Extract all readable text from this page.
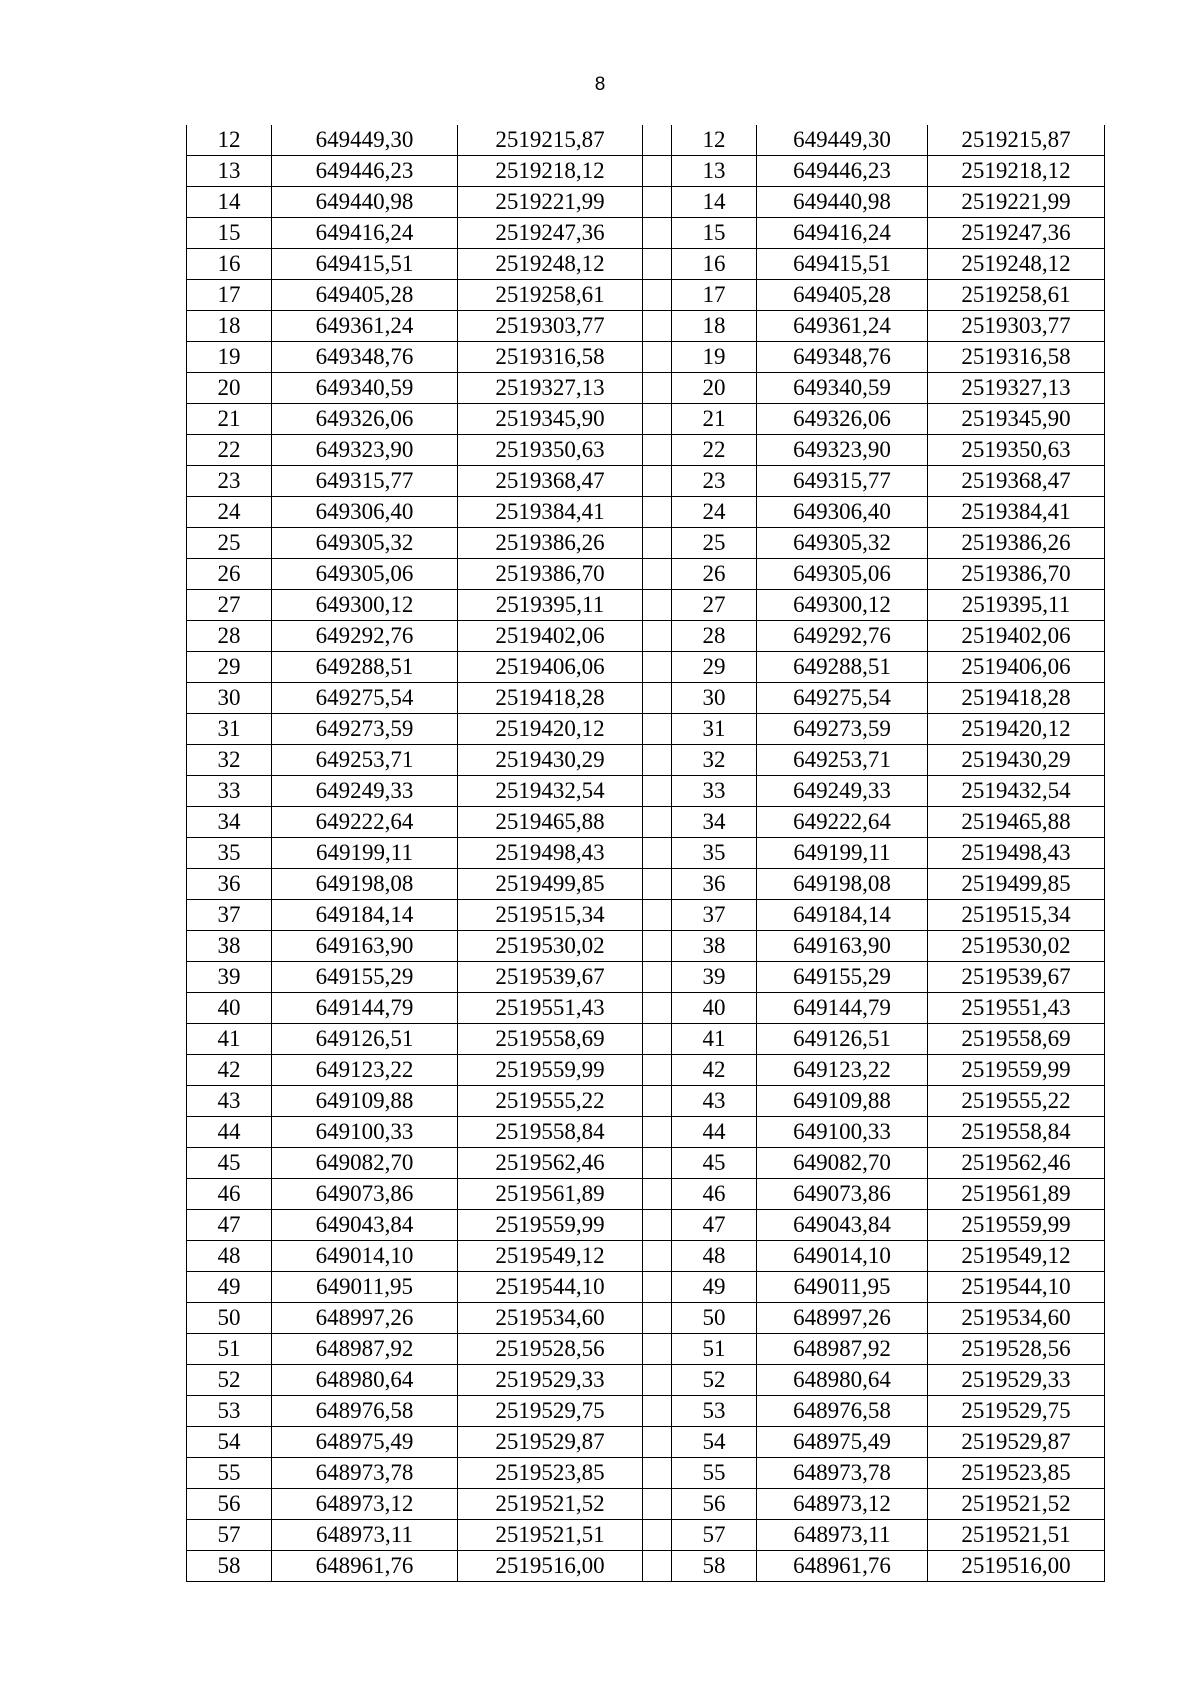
8
12	649449,30	2519215,87		12	649449,30	2519215,87
13	649446,23	2519218,12		13	649446,23	2519218,12
14	649440,98	2519221,99		14	649440,98	2519221,99
15	649416,24	2519247,36		15	649416,24	2519247,36
16	649415,51	2519248,12		16	649415,51	2519248,12
17	649405,28	2519258,61		17	649405,28	2519258,61
18	649361,24	2519303,77		18	649361,24	2519303,77
19	649348,76	2519316,58		19	649348,76	2519316,58
20	649340,59	2519327,13		20	649340,59	2519327,13
21	649326,06	2519345,90		21	649326,06	2519345,90
22	649323,90	2519350,63		22	649323,90	2519350,63
23	649315,77	2519368,47		23	649315,77	2519368,47
24	649306,40	2519384,41		24	649306,40	2519384,41
25	649305,32	2519386,26		25	649305,32	2519386,26
26	649305,06	2519386,70		26	649305,06	2519386,70
27	649300,12	2519395,11		27	649300,12	2519395,11
28	649292,76	2519402,06		28	649292,76	2519402,06
29	649288,51	2519406,06		29	649288,51	2519406,06
30	649275,54	2519418,28		30	649275,54	2519418,28
31	649273,59	2519420,12		31	649273,59	2519420,12
32	649253,71	2519430,29		32	649253,71	2519430,29
33	649249,33	2519432,54		33	649249,33	2519432,54
34	649222,64	2519465,88		34	649222,64	2519465,88
35	649199,11	2519498,43		35	649199,11	2519498,43
36	649198,08	2519499,85		36	649198,08	2519499,85
37	649184,14	2519515,34		37	649184,14	2519515,34
38	649163,90	2519530,02		38	649163,90	2519530,02
39	649155,29	2519539,67		39	649155,29	2519539,67
40	649144,79	2519551,43		40	649144,79	2519551,43
41	649126,51	2519558,69		41	649126,51	2519558,69
42	649123,22	2519559,99		42	649123,22	2519559,99
43	649109,88	2519555,22		43	649109,88	2519555,22
44	649100,33	2519558,84		44	649100,33	2519558,84
45	649082,70	2519562,46		45	649082,70	2519562,46
46	649073,86	2519561,89		46	649073,86	2519561,89
47	649043,84	2519559,99		47	649043,84	2519559,99
48	649014,10	2519549,12		48	649014,10	2519549,12
49	649011,95	2519544,10		49	649011,95	2519544,10
50	648997,26	2519534,60		50	648997,26	2519534,60
51	648987,92	2519528,56		51	648987,92	2519528,56
52	648980,64	2519529,33		52	648980,64	2519529,33
53	648976,58	2519529,75		53	648976,58	2519529,75
54	648975,49	2519529,87		54	648975,49	2519529,87
55	648973,78	2519523,85		55	648973,78	2519523,85
56	648973,12	2519521,52		56	648973,12	2519521,52
57	648973,11	2519521,51		57	648973,11	2519521,51
58	648961,76	2519516,00		58	648961,76	2519516,00
